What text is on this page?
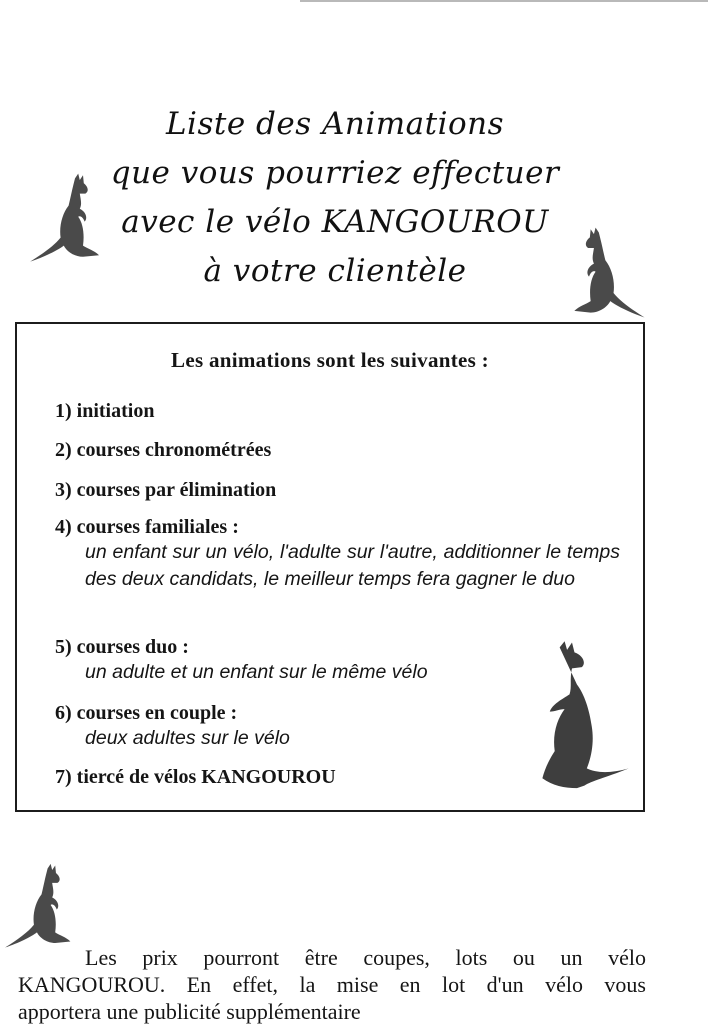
Liste des Animations
que vous pourriez effectuer
avec le vélo KANGOUROU
à votre clientèle
Les animations sont les suivantes :
1) initiation
2) courses chronométrées
3) courses par élimination
4) courses familiales :
un enfant sur un vélo, l'adulte sur l'autre, additionner le temps des deux candidats, le meilleur temps fera gagner le duo
5) courses duo :
un adulte et un enfant sur le même vélo
6) courses en couple :
deux adultes sur le vélo
7) tiercé de vélos KANGOUROU
Les prix pourront être coupes, lots ou un vélo
KANGOUROU. En effet, la mise en lot d'un vélo vous
apportera une publicité supplémentaire
